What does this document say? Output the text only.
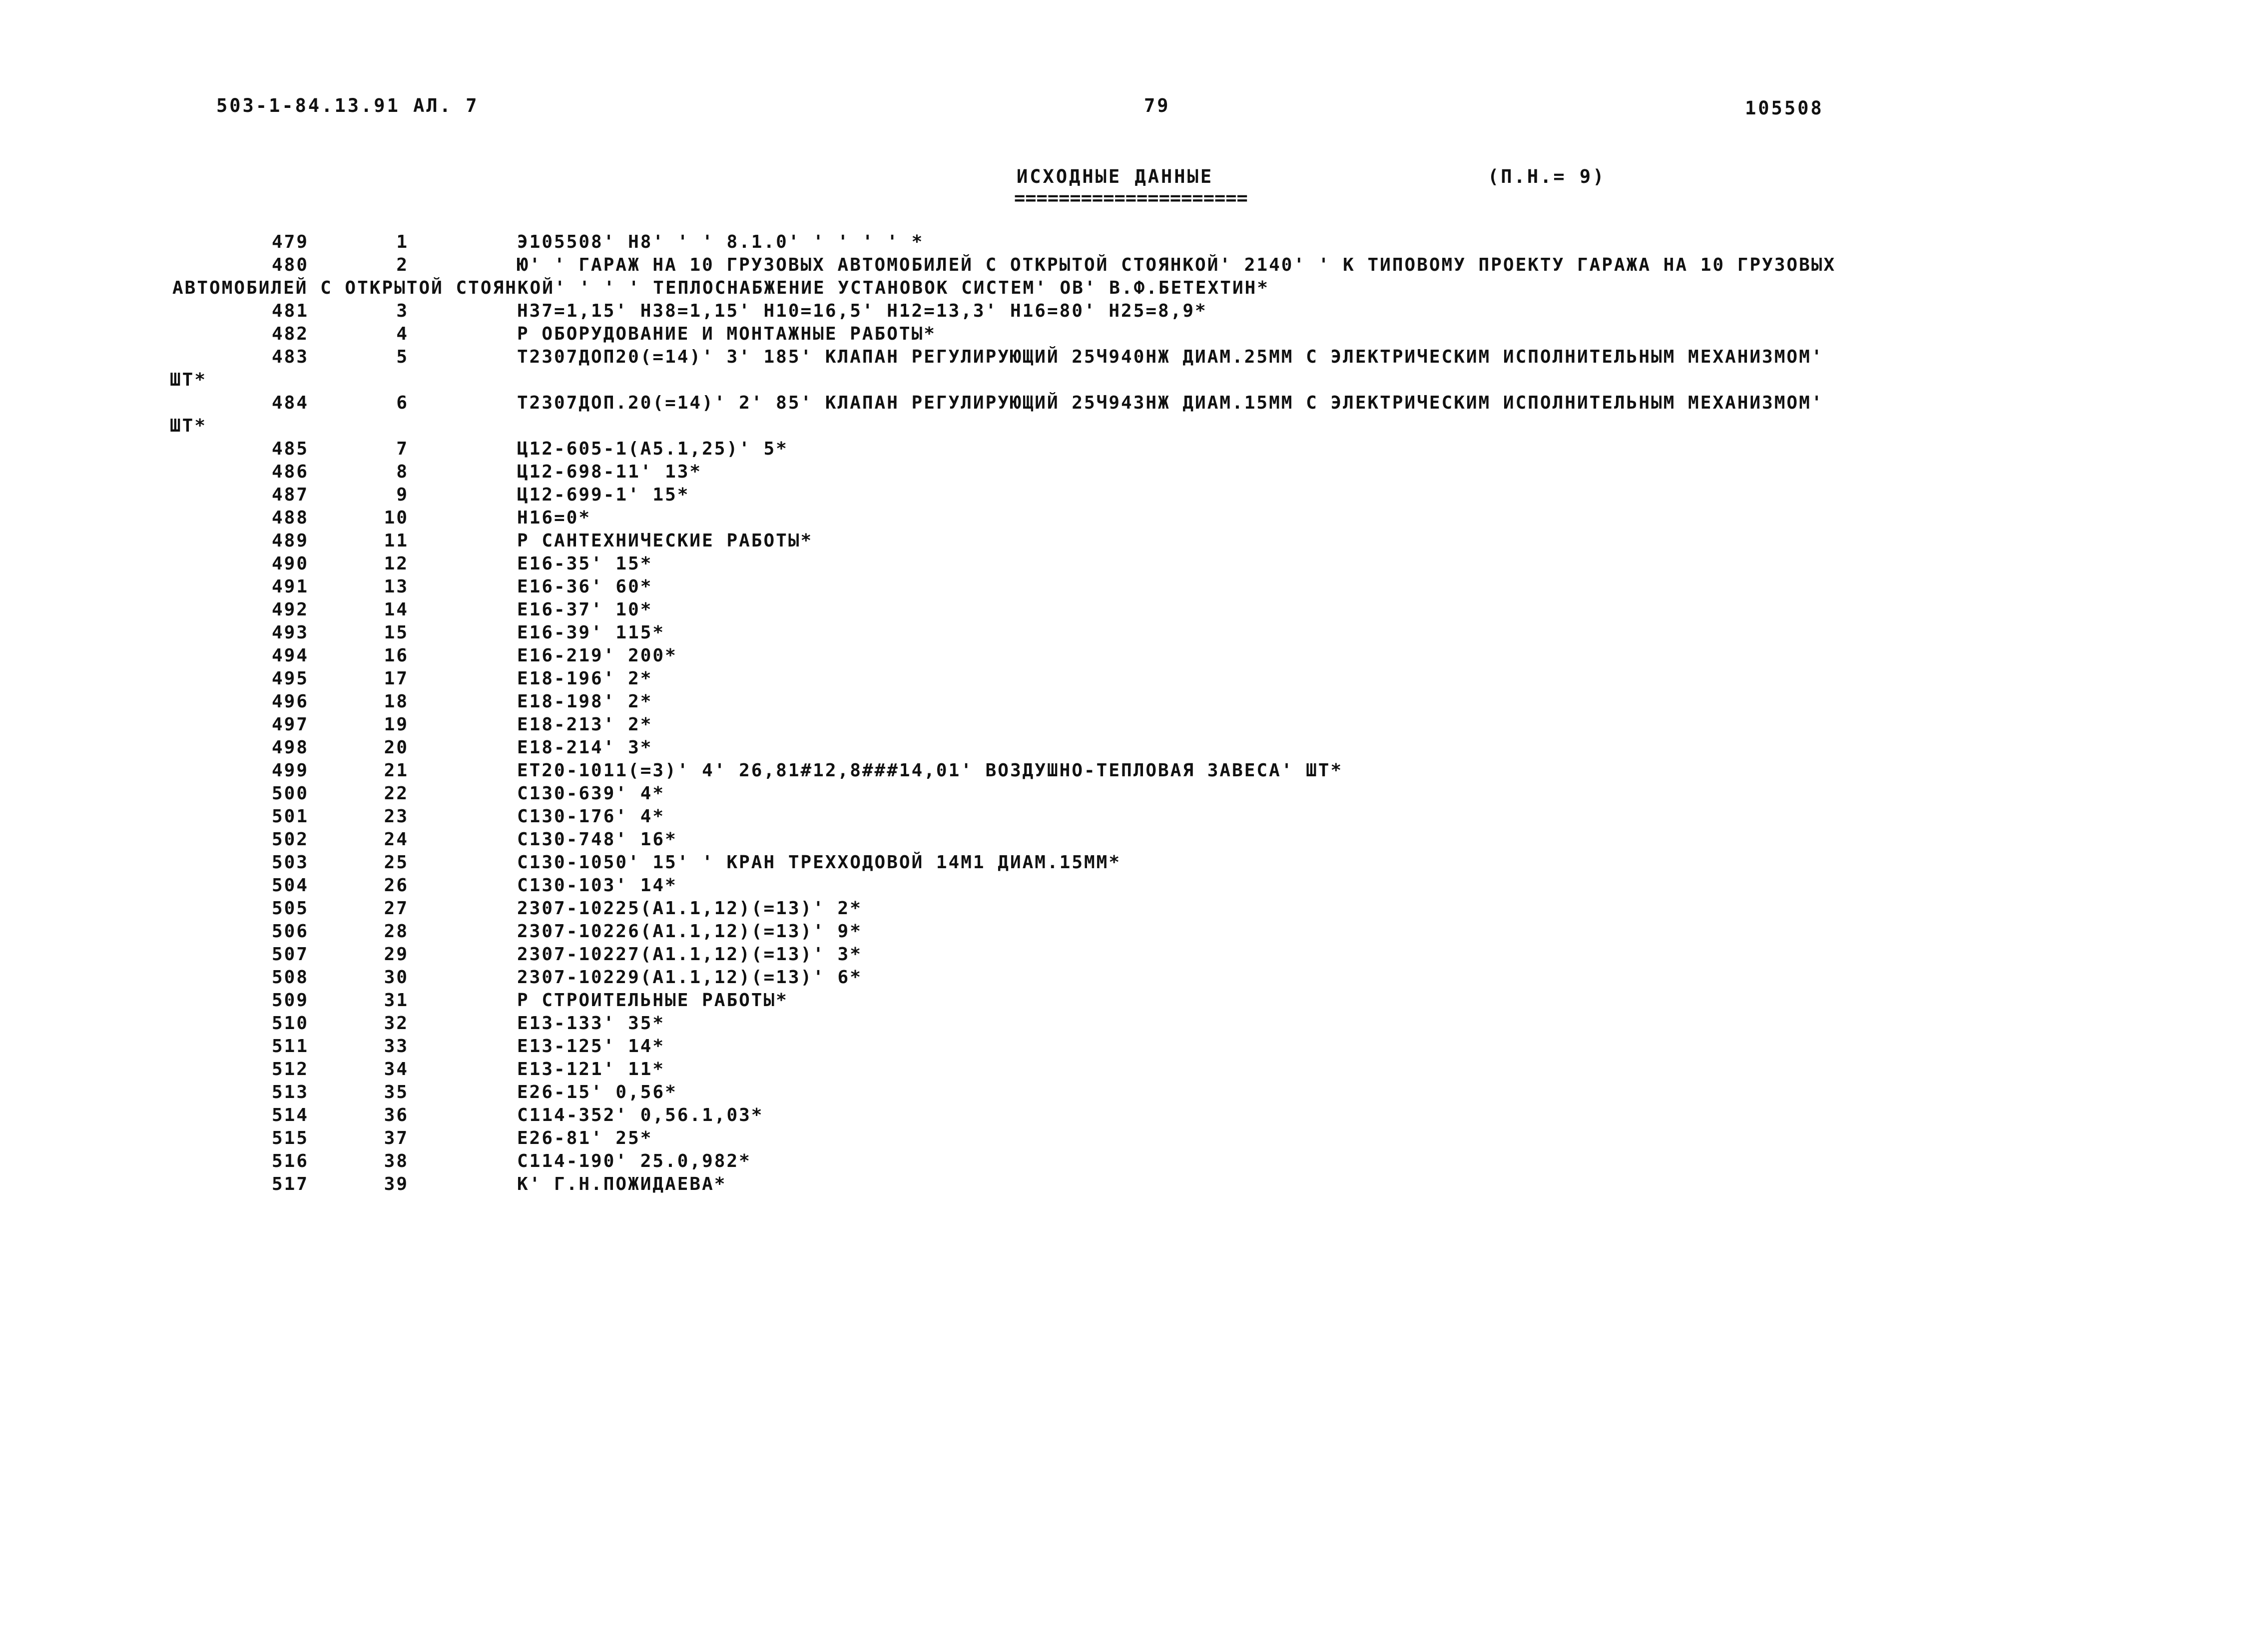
503-1-84.13.91 АЛ. 7	79	105508
ИСХОДНЫЕ ДАННЫЕ
=====================
(П.Н.= 9)
479	1	Э105508' Н8' ' ' 8.1.0' ' ' ' ' *
480	2	Ю' ' ГАРАЖ НА 10 ГРУЗОВЫХ АВТОМОБИЛЕЙ С ОТКРЫТОЙ СТОЯНКОЙ' 2140' ' К ТИПОВОМУ ПРОЕКТУ ГАРАЖА НА 10 ГРУЗОВЫХ
АВТОМОБИЛЕЙ С ОТКРЫТОЙ СТОЯНКОЙ' ' ' ' ТЕПЛОСНАБЖЕНИЕ УСТАНОВОК СИСТЕМ' ОВ' В.Ф.БЕТЕХТИН*
481	3	Н37=1,15' Н38=1,15' Н10=16,5' Н12=13,3' Н16=80' Н25=8,9*
482	4	Р ОБОРУДОВАНИЕ И МОНТАЖНЫЕ РАБОТЫ*
483	5	Т2307ДОП20(=14)' 3' 185' КЛАПАН РЕГУЛИРУЮЩИЙ 25Ч940НЖ ДИАМ.25ММ С ЭЛЕКТРИЧЕСКИМ ИСПОЛНИТЕЛЬНЫМ МЕХАНИЗМОМ'
ШТ*
484	6	Т2307ДОП.20(=14)' 2' 85' КЛАПАН РЕГУЛИРУЮЩИЙ 25Ч943НЖ ДИАМ.15ММ С ЭЛЕКТРИЧЕСКИМ ИСПОЛНИТЕЛЬНЫМ МЕХАНИЗМОМ'
ШТ*
485	7	Ц12-605-1(А5.1,25)' 5*
486	8	Ц12-698-11' 13*
487	9	Ц12-699-1' 15*
488	10	Н16=0*
489	11	Р САНТЕХНИЧЕСКИЕ РАБОТЫ*
490	12	Е16-35' 15*
491	13	Е16-36' 60*
492	14	Е16-37' 10*
493	15	Е16-39' 115*
494	16	Е16-219' 200*
495	17	Е18-196' 2*
496	18	Е18-198' 2*
497	19	Е18-213' 2*
498	20	Е18-214' 3*
499	21	ЕТ20-1011(=3)' 4' 26,81#12,8###14,01' ВОЗДУШНО-ТЕПЛОВАЯ ЗАВЕСА' ШТ*
500	22	С130-639' 4*
501	23	С130-176' 4*
502	24	С130-748' 16*
503	25	С130-1050' 15' ' КРАН ТРЕХХОДОВОЙ 14М1 ДИАМ.15ММ*
504	26	С130-103' 14*
505	27	2307-10225(А1.1,12)(=13)' 2*
506	28	2307-10226(А1.1,12)(=13)' 9*
507	29	2307-10227(А1.1,12)(=13)' 3*
508	30	2307-10229(А1.1,12)(=13)' 6*
509	31	Р СТРОИТЕЛЬНЫЕ РАБОТЫ*
510	32	Е13-133' 35*
511	33	Е13-125' 14*
512	34	Е13-121' 11*
513	35	Е26-15' 0,56*
514	36	С114-352' 0,56.1,03*
515	37	Е26-81' 25*
516	38	С114-190' 25.0,982*
517	39	К' Г.Н.ПОЖИДАЕВА*
